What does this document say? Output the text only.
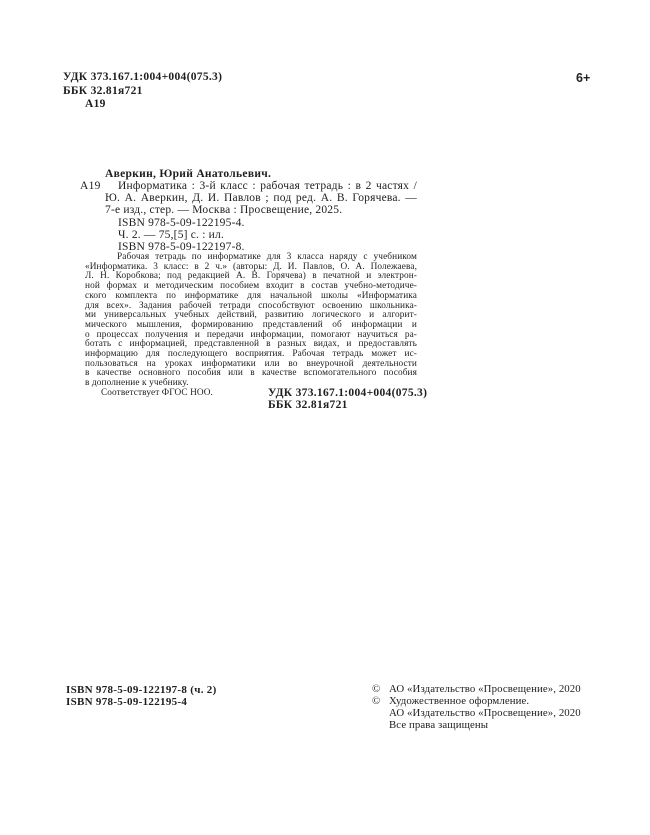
УДК 373.167.1:004+004(075.3)
ББК 32.81я721
А19
6+
Аверкин, Юрий Анатольевич.
А19	Информатика : 3-й класс : рабочая тетрадь : в 2 частях /
Ю. А. Аверкин, Д. И. Павлов ; под ред. А. В. Горячева. —
7-е изд., стер. — Москва : Просвещение, 2025.
ISBN 978-5-09-122195-4.
Ч. 2. — 75,[5] с. : ил.
ISBN 978-5-09-122197-8.
Рабочая тетрадь по информатике для 3 класса наряду с учебником
«Информатика. 3 класс: в 2 ч.» (авторы: Д. И. Павлов, О. А. Полежаева,
Л. Н. Коробкова; под редакцией А. В. Горячева) в печатной и электрон-
ной формах и методическим пособием входит в состав учебно-методиче-
ского комплекта по информатике для начальной школы «Информатика
для всех». Задания рабочей тетради способствуют освоению школьника-
ми универсальных учебных действий, развитию логического и алгорит-
мического мышления, формированию представлений об информации и
о процессах получения и передачи информации, помогают научиться ра-
ботать с информацией, представленной в разных видах, и предоставлять
информацию для последующего восприятия. Рабочая тетрадь может ис-
пользоваться на уроках информатики или во внеурочной деятельности
в качестве основного пособия или в качестве вспомогательного пособия
в дополнение к учебнику.
Соответствует ФГОС НОО.	УДК 373.167.1:004+004(075.3)
ББК 32.81я721
ISBN 978-5-09-122197-8 (ч. 2)
ISBN 978-5-09-122195-4
© АО «Издательство «Просвещение», 2020
© Художественное оформление.
АО «Издательство «Просвещение», 2020
Все права защищены
